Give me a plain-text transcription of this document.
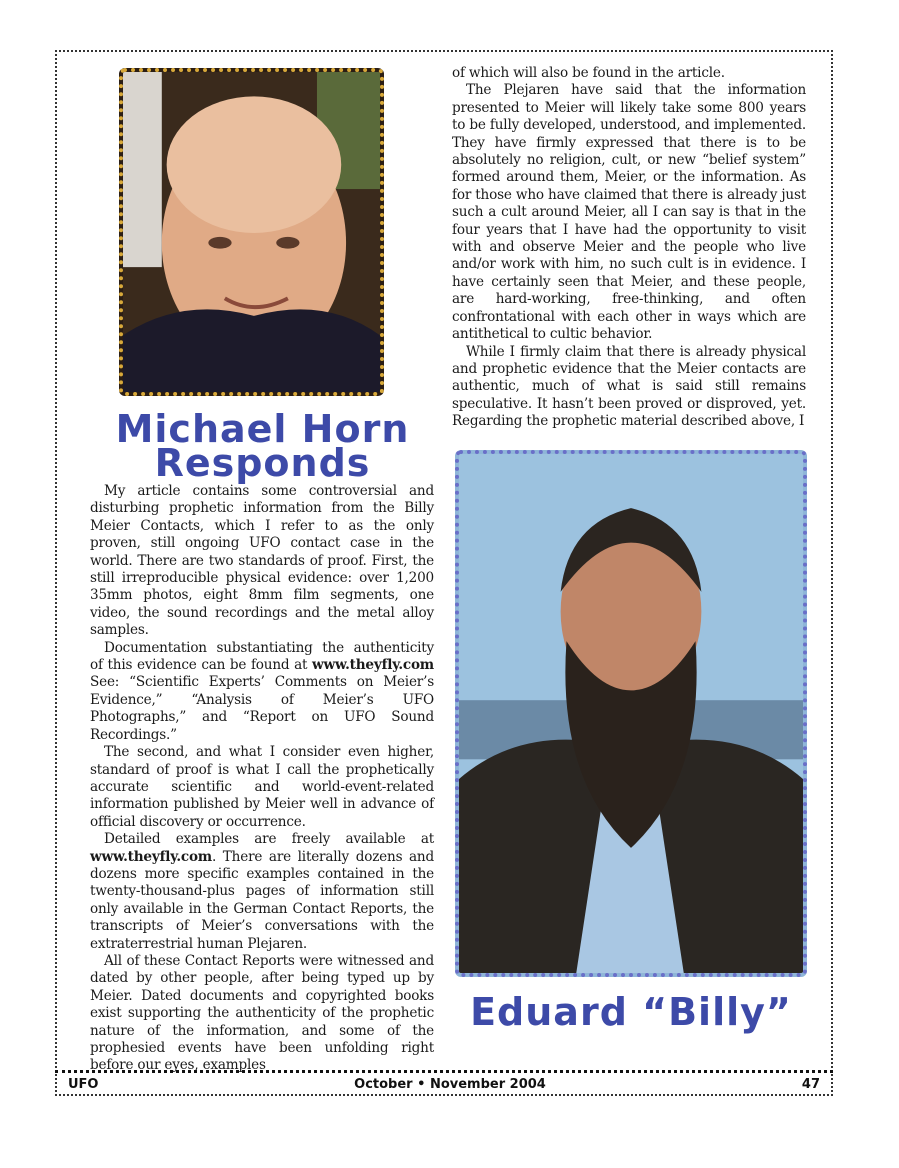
Michael Horn Responds

My article contains some controversial and disturbing prophetic information from the Billy Meier Contacts, which I refer to as the only proven, still ongoing UFO contact case in the world. There are two standards of proof. First, the still irreproducible physical evidence: over 1,200 35mm photos, eight 8mm film segments, one video, the sound recordings and the metal alloy samples.

Documentation substantiating the authenticity of this evidence can be found at www.theyfly.com See: “Scientific Experts’ Comments on Meier’s Evidence,” “Analysis of Meier’s UFO Photographs,” and “Report on UFO Sound Recordings.”

The second, and what I consider even higher, standard of proof is what I call the prophetically accurate scientific and world-event-related information published by Meier well in advance of official discovery or occurrence.

Detailed examples are freely available at www.theyfly.com. There are literally dozens and dozens more specific examples contained in the twenty-thousand-plus pages of information still only available in the German Contact Reports, the transcripts of Meier’s conversations with the extraterrestrial human Plejaren.

All of these Contact Reports were witnessed and dated by other people, after being typed up by Meier. Dated documents and copyrighted books exist supporting the authenticity of the prophetic nature of the information, and some of the prophesied events have been unfolding right before our eyes, examples

of which will also be found in the article.

The Plejaren have said that the information presented to Meier will likely take some 800 years to be fully developed, understood, and implemented. They have firmly expressed that there is to be absolutely no religion, cult, or new “belief system” formed around them, Meier, or the information. As for those who have claimed that there is already just such a cult around Meier, all I can say is that in the four years that I have had the opportunity to visit with and observe Meier and the people who live and/or work with him, no such cult is in evidence. I have certainly seen that Meier, and these people, are hard-working, free-thinking, and often confrontational with each other in ways which are antithetical to cultic behavior.

While I firmly claim that there is already physical and prophetic evidence that the Meier contacts are authentic, much of what is said still remains speculative. It hasn’t been proved or disproved, yet. Regarding the prophetic material described above, I

Eduard “Billy”
UFO	October • November 2004	47
